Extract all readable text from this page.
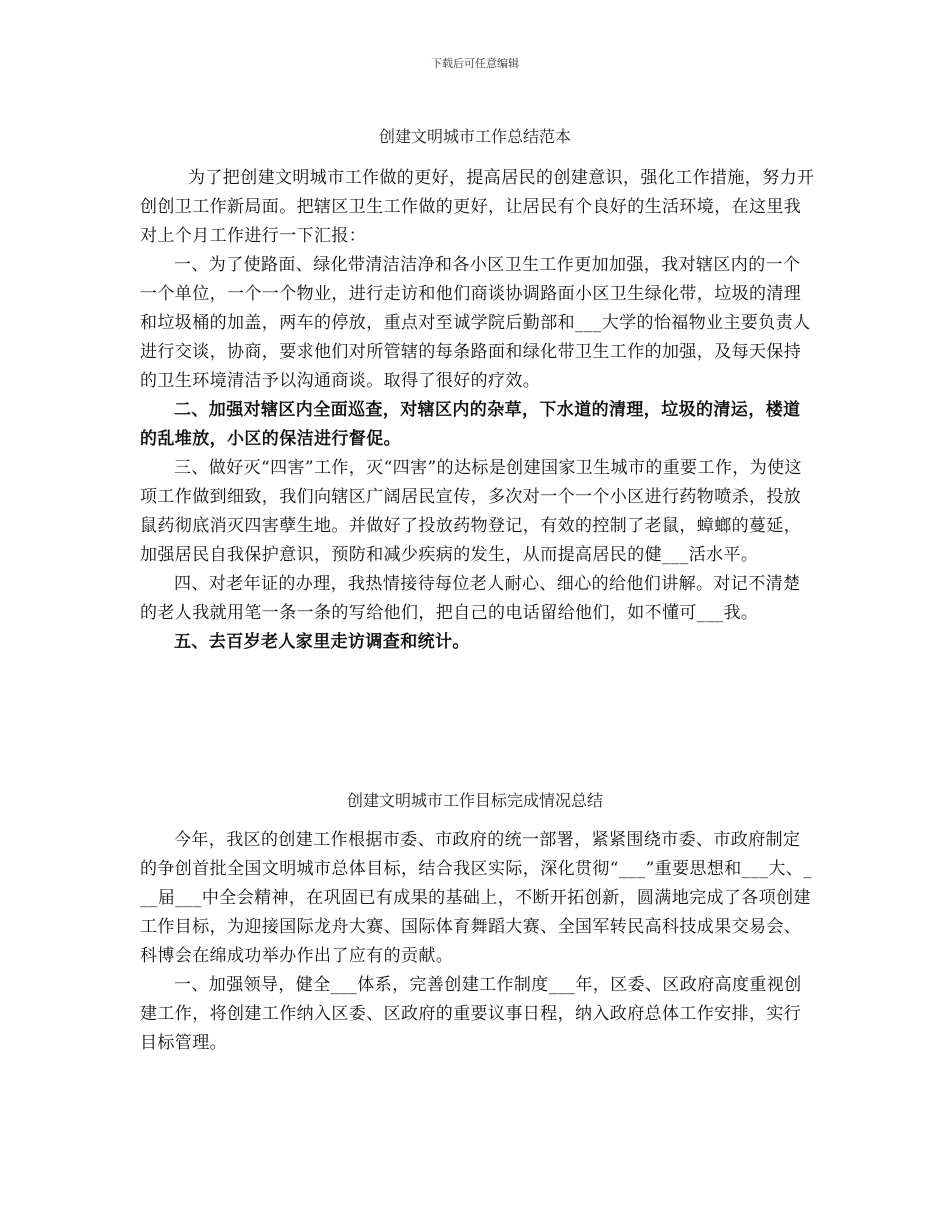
下载后可任意编辑
创建文明城市工作总结范本

为了把创建文明城市工作做的更好，提高居民的创建意识，强化工作措施，努力开创创卫工作新局面。把辖区卫生工作做的更好，让居民有个良好的生活环境，在这里我对上个月工作进行一下汇报：

一、为了使路面、绿化带清洁洁净和各小区卫生工作更加加强，我对辖区内的一个一个单位，一个一个物业，进行走访和他们商谈协调路面小区卫生绿化带，垃圾的清理和垃圾桶的加盖，两车的停放，重点对至诚学院后勤部和___大学的怡福物业主要负责人进行交谈，协商，要求他们对所管辖的每条路面和绿化带卫生工作的加强，及每天保持的卫生环境清洁予以沟通商谈。取得了很好的疗效。

二、加强对辖区内全面巡查，对辖区内的杂草，下水道的清理，垃圾的清运，楼道的乱堆放，小区的保洁进行督促。

三、做好灭“四害”工作，灭“四害”的达标是创建国家卫生城市的重要工作，为使这项工作做到细致，我们向辖区广阔居民宣传，多次对一个一个小区进行药物喷杀，投放鼠药彻底消灭四害孽生地。并做好了投放药物登记，有效的控制了老鼠，蟑螂的蔓延，加强居民自我保护意识，预防和减少疾病的发生，从而提高居民的健___活水平。

四、对老年证的办理，我热情接待每位老人耐心、细心的给他们讲解。对记不清楚的老人我就用笔一条一条的写给他们，把自己的电话留给他们，如不懂可___我。

五、去百岁老人家里走访调查和统计。

创建文明城市工作目标完成情况总结

今年，我区的创建工作根据市委、市政府的统一部署，紧紧围绕市委、市政府制定的争创首批全国文明城市总体目标，结合我区实际，深化贯彻“___”重要思想和___大、___届___中全会精神，在巩固已有成果的基础上，不断开拓创新，圆满地完成了各项创建工作目标，为迎接国际龙舟大赛、国际体育舞蹈大赛、全国军转民高科技成果交易会、科博会在绵成功举办作出了应有的贡献。

一、加强领导，健全___体系，完善创建工作制度___年，区委、区政府高度重视创建工作，将创建工作纳入区委、区政府的重要议事日程，纳入政府总体工作安排，实行目标管理。
